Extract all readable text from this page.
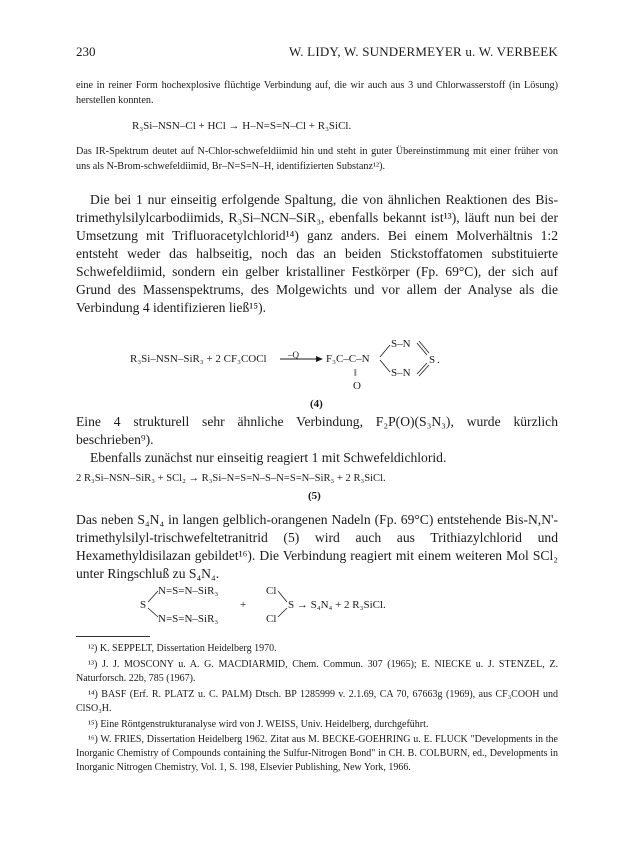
230	W. LIDY, W. SUNDERMEYER u. W. VERBEEK

eine in reiner Form hochexplosive flüchtige Verbindung auf, die wir auch aus 3 und Chlorwasserstoff (in Lösung) herstellen konnten.

R₃Si–NSN–Cl + HCl → H–N=S=N–Cl + R₃SiCl.

Das IR-Spektrum deutet auf N-Chlor-schwefeldiimid hin und steht in guter Übereinstimmung mit einer früher von uns als N-Brom-schwefeldiimid, Br–N=S=N–H, identifizierten Substanz¹²).

Die bei 1 nur einseitig erfolgende Spaltung, die von ähnlichen Reaktionen des Bis-trimethylsilylcarbodiimids, R₃Si–NCN–SiR₃, ebenfalls bekannt ist¹³), läuft nun bei der Umsetzung mit Trifluoracetylchlorid¹⁴) ganz anders. Bei einem Molverhältnis 1:2 entsteht weder das halbseitig, noch das an beiden Stickstoffatomen substituierte Schwefeldiimid, sondern ein gelber kristalliner Festkörper (Fp. 69°C), der sich auf Grund des Massenspektrums, des Molgewichts und vor allem der Analyse als die Verbindung 4 identifizieren ließ¹⁵).

R₃Si–NSN–SiR₃ + 2 CF₃COCl –Q F₃C–C–N
S–N
S–N
S .
‖
O
(4)

Eine 4 strukturell sehr ähnliche Verbindung, F₂P(O)(S₃N₃), wurde kürzlich beschrieben⁹).

Ebenfalls zunächst nur einseitig reagiert 1 mit Schwefeldichlorid.

2 R₃Si–NSN–SiR₃ + SCl₂ → R₃Si–N=S=N–S–N=S=N–SiR₃ + 2 R₃SiCl.
(5)

Das neben S₄N₄ in langen gelblich-orangenen Nadeln (Fp. 69°C) entstehende Bis-N,N'-trimethylsilyl-trischwefeltetranitrid (5) wird auch aus Trithiazylchlorid und Hexamethyldisilazan gebildet¹⁶). Die Verbindung reagiert mit einem weiteren Mol SCl₂ unter Ringschluß zu S₄N₄.

S
N=S=N–SiR₃
N=S=N–SiR₃
+
Cl
Cl
S → S₄N₄ + 2 R₃SiCl.

¹²) K. SEPPELT, Dissertation Heidelberg 1970.

¹³) J. J. MOSCONY u. A. G. MACDIARMID, Chem. Commun. 307 (1965); E. NIECKE u. J. STENZEL, Z. Naturforsch. 22b, 785 (1967).

¹⁴) BASF (Erf. R. PLATZ u. C. PALM) Dtsch. BP 1285999 v. 2.1.69, CA 70, 67663g (1969), aus CF₃COOH und ClSO₃H.

¹⁵) Eine Röntgenstrukturanalyse wird von J. WEISS, Univ. Heidelberg, durchgeführt.

¹⁶) W. FRIES, Dissertation Heidelberg 1962. Zitat aus M. BECKE-GOEHRING u. E. FLUCK "Developments in the Inorganic Chemistry of Compounds containing the Sulfur-Nitrogen Bond" in CH. B. COLBURN, ed., Developments in Inorganic Nitrogen Chemistry, Vol. 1, S. 198, Elsevier Publishing, New York, 1966.
